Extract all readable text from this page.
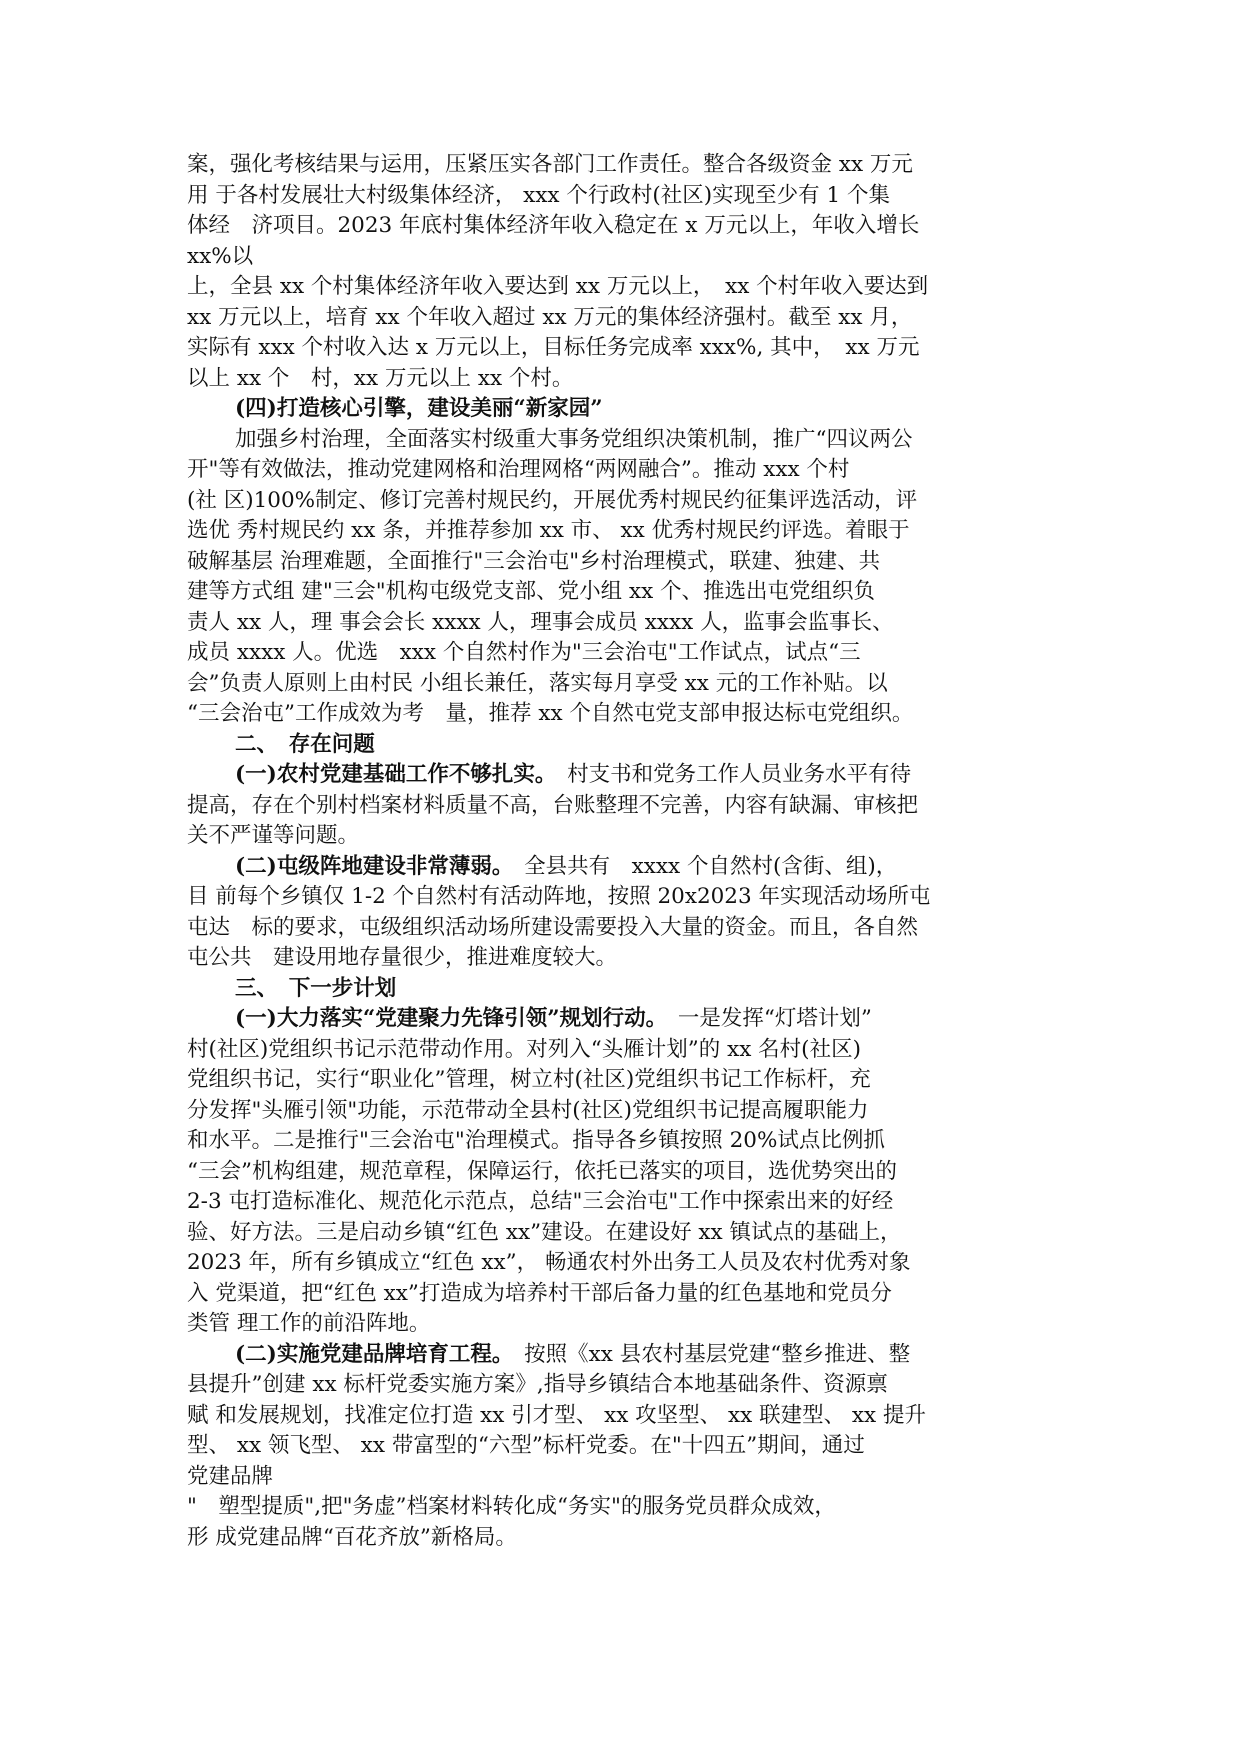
案，强化考核结果与运用，压紧压实各部门工作责任。整合各级资金 xx 万元
用 于各村发展壮大村级集体经济， xxx 个行政村(社区)实现至少有 1 个集
体经　济项目。2023 年底村集体经济年收入稳定在 x 万元以上，年收入增长
xx%以
上，全县 xx 个村集体经济年收入要达到 xx 万元以上，　xx 个村年收入要达到
xx 万元以上，培育 xx 个年收入超过 xx 万元的集体经济强村。截至 xx 月，
实际有 xxx 个村收入达 x 万元以上，目标任务完成率 xxx%, 其中，　xx 万元
以上 xx 个　村，xx 万元以上 xx 个村。
(四)打造核心引擎，建设美丽“新家园”
加强乡村治理，全面落实村级重大事务党组织决策机制，推广“四议两公
开"等有效做法，推动党建网格和治理网格“两网融合”。推动 xxx 个村
(社 区)100%制定、修订完善村规民约，开展优秀村规民约征集评选活动，评
选优 秀村规民约 xx 条，并推荐参加 xx 市、 xx 优秀村规民约评选。着眼于
破解基层 治理难题，全面推行"三会治屯"乡村治理模式，联建、独建、共
建等方式组 建"三会"机构屯级党支部、党小组 xx 个、推选出屯党组织负
责人 xx 人，理 事会会长 xxxx 人，理事会成员 xxxx 人，监事会监事长、
成员 xxxx 人。优选　xxx 个自然村作为"三会治屯"工作试点，试点“三
会”负责人原则上由村民 小组长兼任，落实每月享受 xx 元的工作补贴。以
“三会治屯”工作成效为考　量，推荐 xx 个自然屯党支部申报达标屯党组织。
二、　存在问题
(一)农村党建基础工作不够扎实。　村支书和党务工作人员业务水平有待
提高，存在个别村档案材料质量不高，台账整理不完善，内容有缺漏、审核把
关不严谨等问题。
(二)屯级阵地建设非常薄弱。　全县共有　xxxx 个自然村(含街、组)，
目 前每个乡镇仅 1-2 个自然村有活动阵地，按照 20x2023 年实现活动场所屯
屯达　标的要求，屯级组织活动场所建设需要投入大量的资金。而且，各自然
屯公共　建设用地存量很少，推进难度较大。
三、　下一步计划
(一)大力落实“党建聚力先锋引领”规划行动。　一是发挥“灯塔计划”
村(社区)党组织书记示范带动作用。对列入“头雁计划”的 xx 名村(社区)
党组织书记，实行“职业化”管理，树立村(社区)党组织书记工作标杆，充
分发挥"头雁引领"功能，示范带动全县村(社区)党组织书记提高履职能力
和水平。二是推行"三会治屯"治理模式。指导各乡镇按照 20%试点比例抓
“三会”机构组建，规范章程，保障运行，依托已落实的项目，选优势突出的
2-3 屯打造标准化、规范化示范点，总结"三会治屯"工作中探索出来的好经
验、好方法。三是启动乡镇“红色 xx”建设。在建设好 xx 镇试点的基础上，
2023 年，所有乡镇成立“红色 xx”， 畅通农村外出务工人员及农村优秀对象
入 党渠道，把“红色 xx”打造成为培养村干部后备力量的红色基地和党员分
类管 理工作的前沿阵地。
(二)实施党建品牌培育工程。　按照《xx 县农村基层党建“整乡推进、整
县提升”创建 xx 标杆党委实施方案》,指导乡镇结合本地基础条件、资源禀
赋 和发展规划，找准定位打造 xx 引才型、 xx 攻坚型、 xx 联建型、 xx 提升
型、 xx 领飞型、 xx 带富型的“六型”标杆党委。在"十四五”期间，通过
党建品牌
"　塑型提质",把"务虚”档案材料转化成“务实"的服务党员群众成效，
形 成党建品牌“百花齐放”新格局。
